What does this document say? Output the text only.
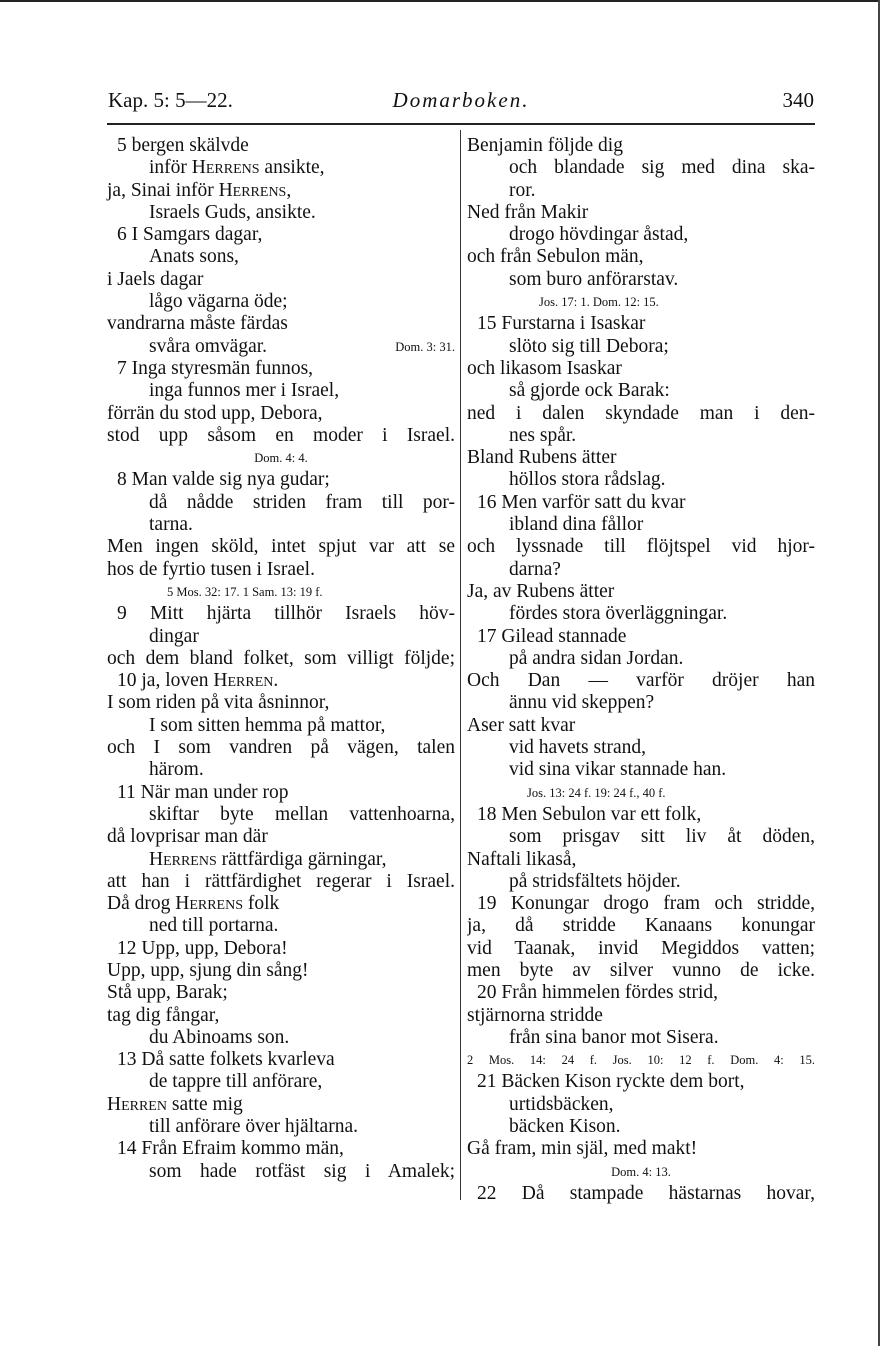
Kap. 5: 5—22.	Domarboken.	340
5 bergen skälvde
inför Herrens ansikte,
ja, Sinai inför Herrens,
Israels Guds, ansikte.
6 I Samgars dagar,
Anats sons,
i Jaels dagar
lågo vägarna öde;
vandrarna måste färdas
Dom. 3: 31.
svåra omvägar.
7 Inga styresmän funnos,
inga funnos mer i Israel,
förrän du stod upp, Debora,
stod upp såsom en moder i Israel.
Dom. 4: 4.
8 Man valde sig nya gudar;
då nådde striden fram till por-
tarna.
Men ingen sköld, intet spjut var att se
hos de fyrtio tusen i Israel.
5 Mos. 32: 17. 1 Sam. 13: 19 f.
9 Mitt hjärta tillhör Israels höv-
dingar
och dem bland folket, som villigt följde;
10 ja, loven Herren.
I som riden på vita åsninnor,
I som sitten hemma på mattor,
och I som vandren på vägen, talen
härom.
11 När man under rop
skiftar byte mellan vattenhoarna,
då lovprisar man där
Herrens rättfärdiga gärningar,
att han i rättfärdighet regerar i Israel.
Då drog Herrens folk
ned till portarna.
12 Upp, upp, Debora!
Upp, upp, sjung din sång!
Stå upp, Barak;
tag dig fångar,
du Abinoams son.
13 Då satte folkets kvarleva
de tappre till anförare,
Herren satte mig
till anförare över hjältarna.
14 Från Efraim kommo män,
som hade rotfäst sig i Amalek;
Benjamin följde dig
och blandade sig med dina ska-
ror.
Ned från Makir
drogo hövdingar åstad,
och från Sebulon män,
som buro anförarstav.
Jos. 17: 1. Dom. 12: 15.
15 Furstarna i Isaskar
slöto sig till Debora;
och likasom Isaskar
så gjorde ock Barak:
ned i dalen skyndade man i den-
nes spår.
Bland Rubens ätter
höllos stora rådslag.
16 Men varför satt du kvar
ibland dina fållor
och lyssnade till flöjtspel vid hjor-
darna?
Ja, av Rubens ätter
fördes stora överläggningar.
17 Gilead stannade
på andra sidan Jordan.
Och Dan — varför dröjer han
ännu vid skeppen?
Aser satt kvar
vid havets strand,
vid sina vikar stannade han.
Jos. 13: 24 f. 19: 24 f., 40 f.
18 Men Sebulon var ett folk,
som prisgav sitt liv åt döden,
Naftali likaså,
på stridsfältets höjder.
19 Konungar drogo fram och stridde,
ja, då stridde Kanaans konungar
vid Taanak, invid Megiddos vatten;
men byte av silver vunno de icke.
20 Från himmelen fördes strid,
stjärnorna stridde
från sina banor mot Sisera.
2 Mos. 14: 24 f. Jos. 10: 12 f. Dom. 4: 15.
21 Bäcken Kison ryckte dem bort,
urtidsbäcken,
bäcken Kison.
Gå fram, min själ, med makt!
Dom. 4: 13.
22 Då stampade hästarnas hovar,
